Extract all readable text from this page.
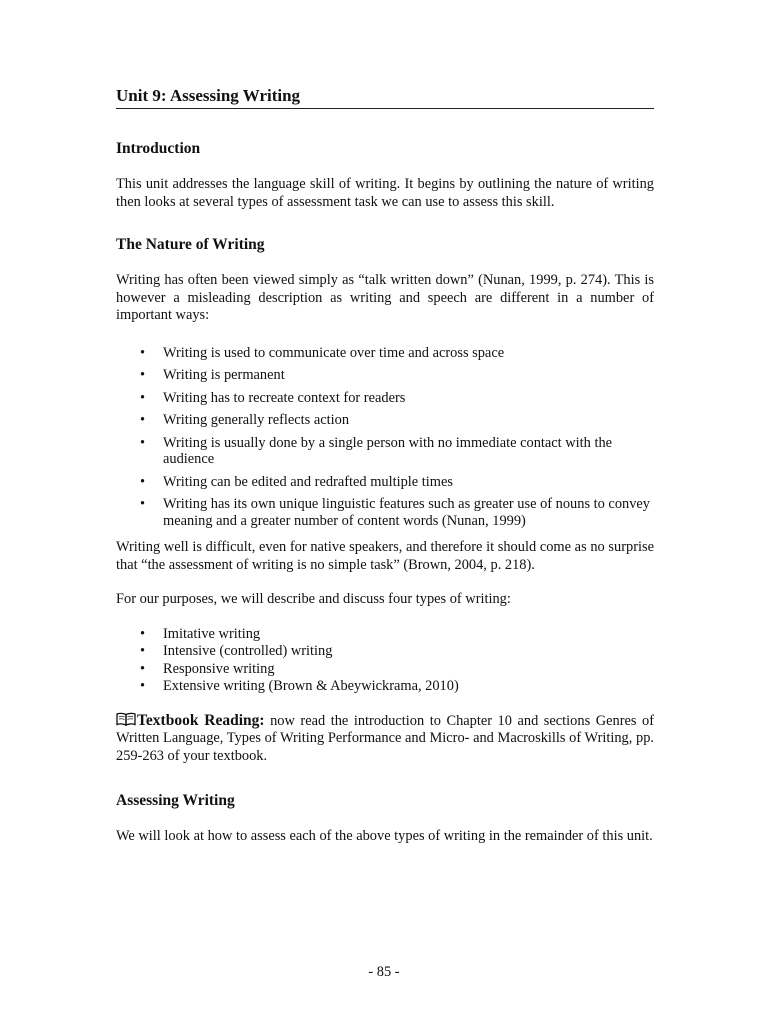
Unit 9: Assessing Writing
Introduction

This unit addresses the language skill of writing. It begins by outlining the nature of writing then looks at several types of assessment task we can use to assess this skill.

The Nature of Writing

Writing has often been viewed simply as “talk written down” (Nunan, 1999, p. 274). This is however a misleading description as writing and speech are different in a number of important ways:

• Writing is used to communicate over time and across space
• Writing is permanent
• Writing has to recreate context for readers
• Writing generally reflects action
• Writing is usually done by a single person with no immediate contact with the audience
• Writing can be edited and redrafted multiple times
• Writing has its own unique linguistic features such as greater use of nouns to convey meaning and a greater number of content words (Nunan, 1999)

Writing well is difficult, even for native speakers, and therefore it should come as no surprise that “the assessment of writing is no simple task” (Brown, 2004, p. 218).

For our purposes, we will describe and discuss four types of writing:

• Imitative writing
• Intensive (controlled) writing
• Responsive writing
• Extensive writing (Brown & Abeywickrama, 2010)

Textbook Reading: now read the introduction to Chapter 10 and sections Genres of Written Language, Types of Writing Performance and Micro- and Macroskills of Writing, pp. 259-263 of your textbook.

Assessing Writing

We will look at how to assess each of the above types of writing in the remainder of this unit.

- 85 -
